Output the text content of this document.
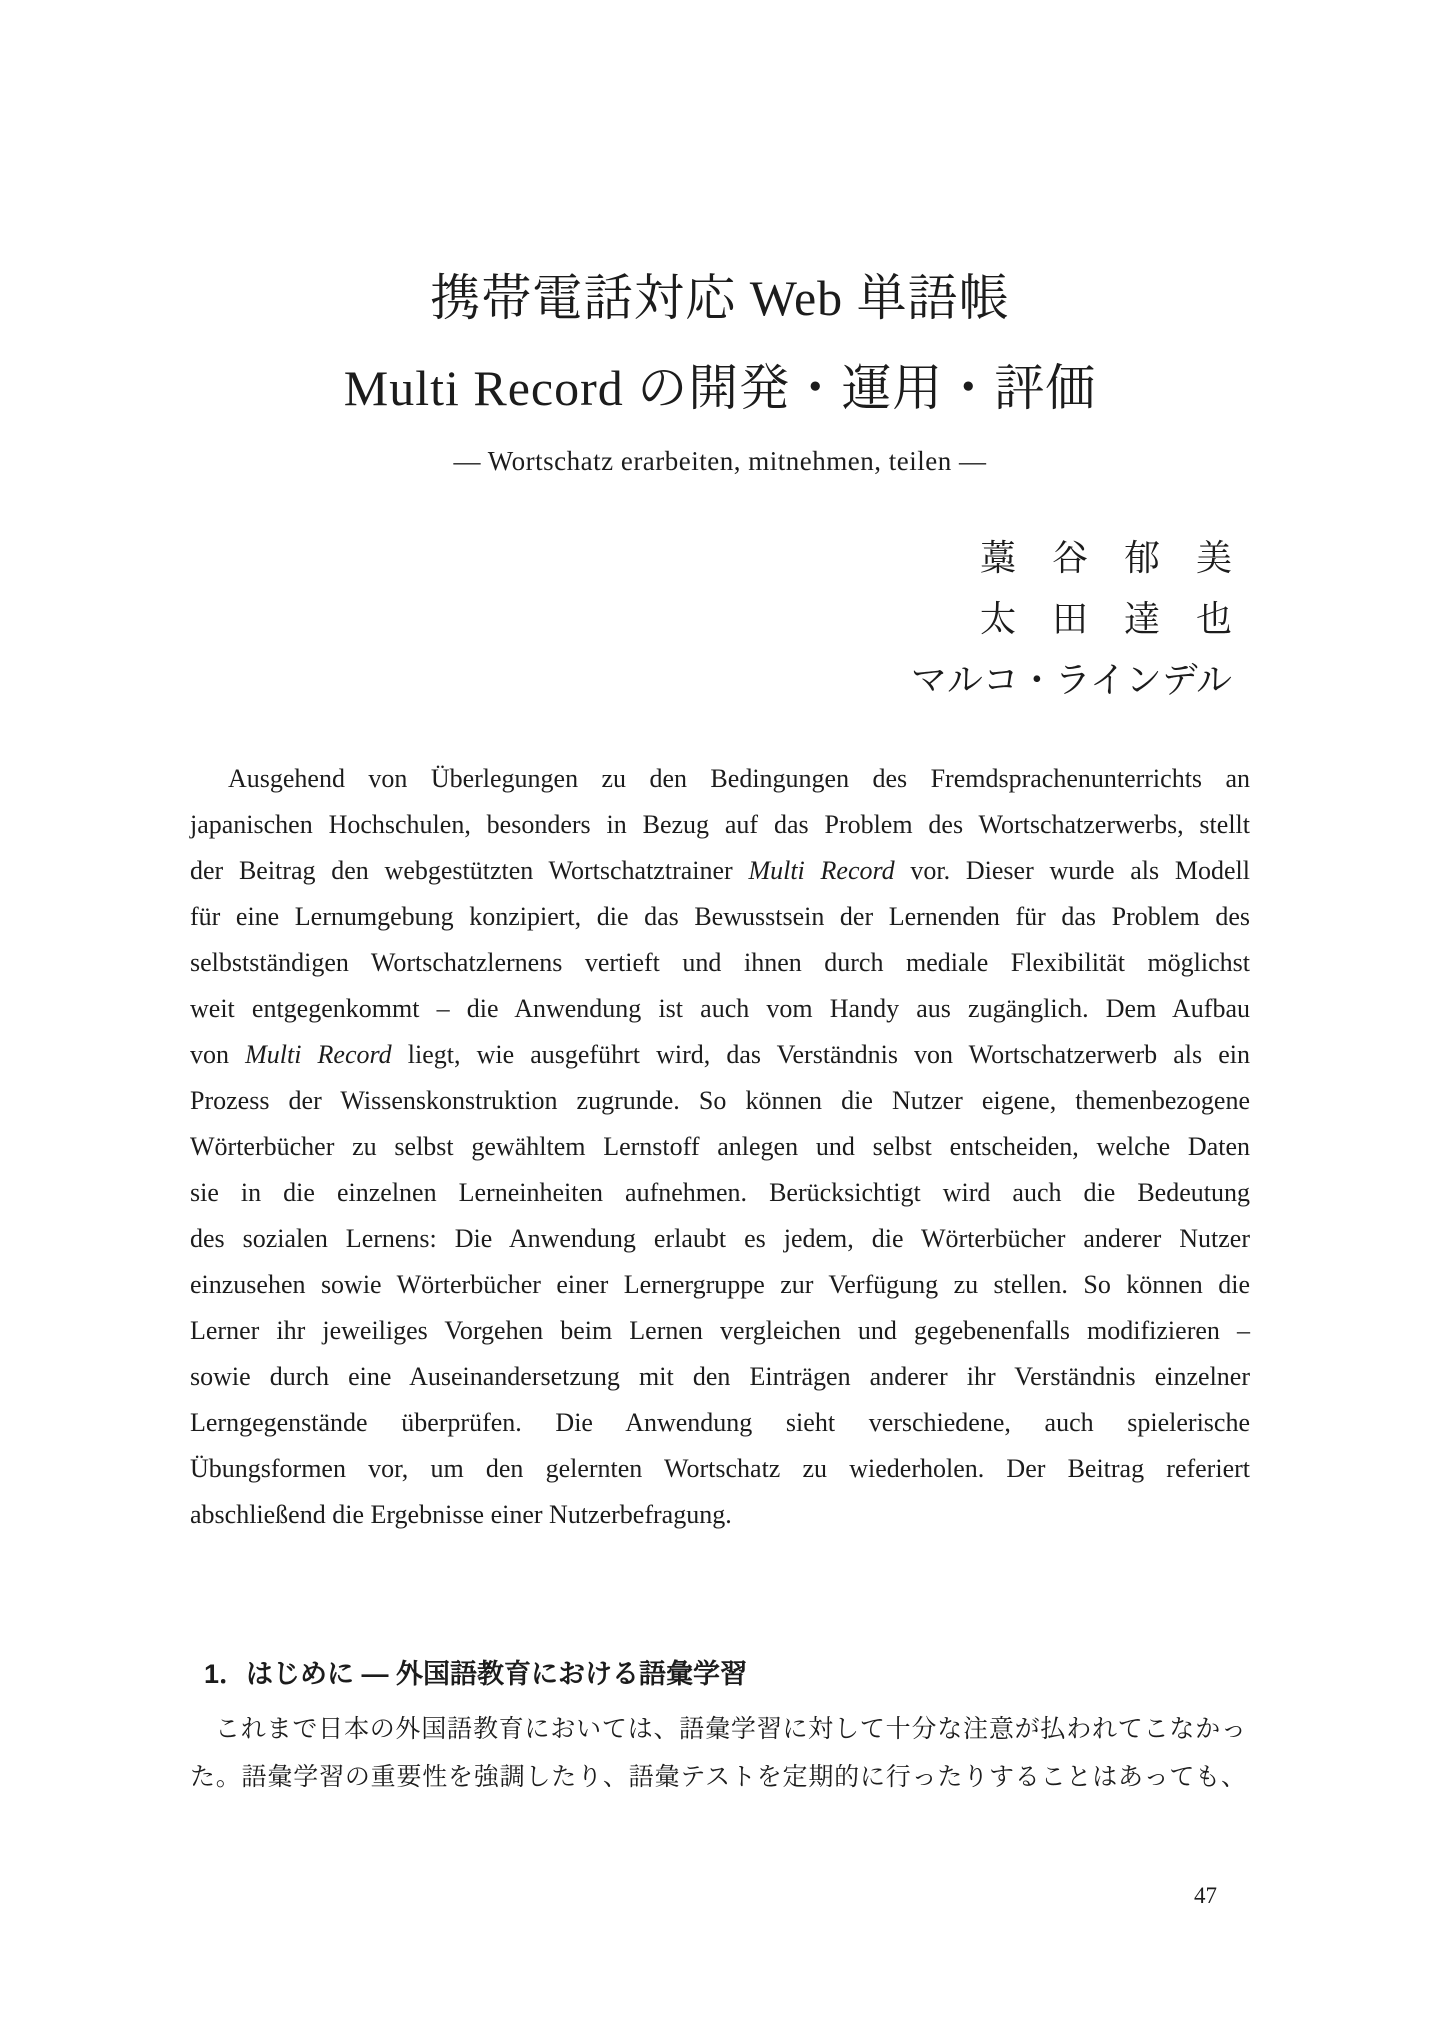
携帯電話対応 Web 単語帳
Multi Record の開発・運用・評価
— Wortschatz erarbeiten, mitnehmen, teilen —
藁　谷　郁　美
太　田　達　也
マルコ・ラインデル
Ausgehend von Überlegungen zu den Bedingungen des Fremdsprachenunterrichts an
japanischen Hochschulen, besonders in Bezug auf das Problem des Wortschatzerwerbs, stellt
der Beitrag den webgestützten Wortschatztrainer Multi Record vor. Dieser wurde als Modell
für eine Lernumgebung konzipiert, die das Bewusstsein der Lernenden für das Problem des
selbstständigen Wortschatzlernens vertieft und ihnen durch mediale Flexibilität möglichst
weit entgegenkommt – die Anwendung ist auch vom Handy aus zugänglich. Dem Aufbau
von Multi Record liegt, wie ausgeführt wird, das Verständnis von Wortschatzerwerb als ein
Prozess der Wissenskonstruktion zugrunde. So können die Nutzer eigene, themenbezogene
Wörterbücher zu selbst gewähltem Lernstoff anlegen und selbst entscheiden, welche Daten
sie in die einzelnen Lerneinheiten aufnehmen. Berücksichtigt wird auch die Bedeutung
des sozialen Lernens: Die Anwendung erlaubt es jedem, die Wörterbücher anderer Nutzer
einzusehen sowie Wörterbücher einer Lernergruppe zur Verfügung zu stellen. So können die
Lerner ihr jeweiliges Vorgehen beim Lernen vergleichen und gegebenenfalls modifizieren –
sowie durch eine Auseinandersetzung mit den Einträgen anderer ihr Verständnis einzelner
Lerngegenstände überprüfen. Die Anwendung sieht verschiedene, auch spielerische
Übungsformen vor, um den gelernten Wortschatz zu wiederholen. Der Beitrag referiert
abschließend die Ergebnisse einer Nutzerbefragung.
1．はじめに ― 外国語教育における語彙学習
これまで日本の外国語教育においては、語彙学習に対して十分な注意が払われてこなかっ
た。語彙学習の重要性を強調したり、語彙テストを定期的に行ったりすることはあっても、
47
